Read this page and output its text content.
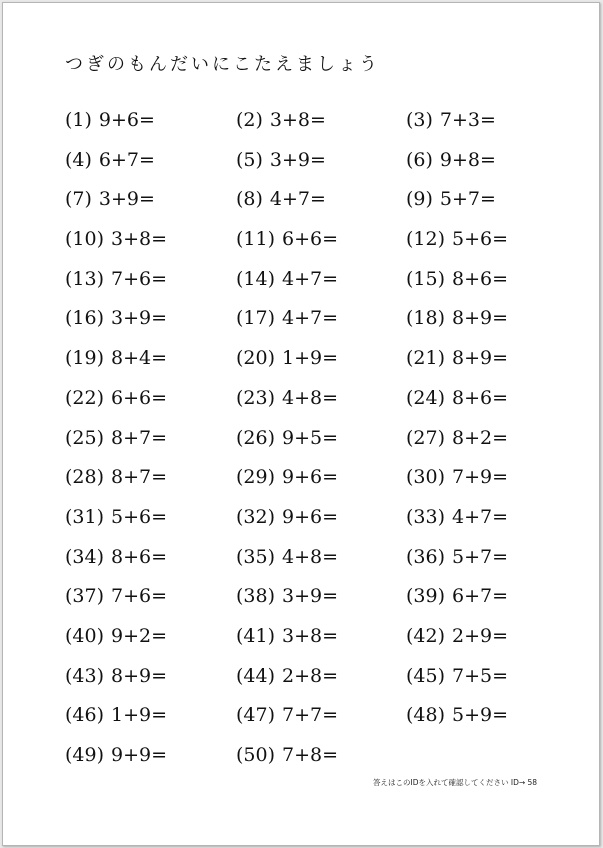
つぎのもんだいにこたえましょう
(1) 9+6=	(2) 3+8=	(3) 7+3=
(4) 6+7=	(5) 3+9=	(6) 9+8=
(7) 3+9=	(8) 4+7=	(9) 5+7=
(10) 3+8=	(11) 6+6=	(12) 5+6=
(13) 7+6=	(14) 4+7=	(15) 8+6=
(16) 3+9=	(17) 4+7=	(18) 8+9=
(19) 8+4=	(20) 1+9=	(21) 8+9=
(22) 6+6=	(23) 4+8=	(24) 8+6=
(25) 8+7=	(26) 9+5=	(27) 8+2=
(28) 8+7=	(29) 9+6=	(30) 7+9=
(31) 5+6=	(32) 9+6=	(33) 4+7=
(34) 8+6=	(35) 4+8=	(36) 5+7=
(37) 7+6=	(38) 3+9=	(39) 6+7=
(40) 9+2=	(41) 3+8=	(42) 2+9=
(43) 8+9=	(44) 2+8=	(45) 7+5=
(46) 1+9=	(47) 7+7=	(48) 5+9=
(49) 9+9=	(50) 7+8=
答えはこのIDを入れて確認してください ID→ 58
